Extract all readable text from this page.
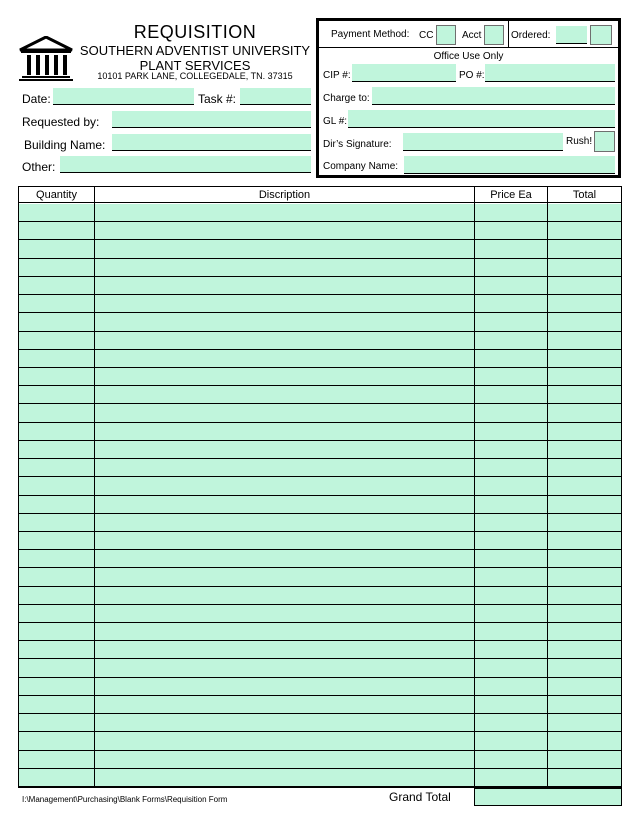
REQUISITION
SOUTHERN ADVENTIST UNIVERSITY
PLANT SERVICES
10101 PARK LANE, COLLEGEDALE, TN. 37315
Date:	Task #:
Requested by:
Building Name:
Other:
Payment Method: CC	Acct	Ordered:
Office Use Only
CIP #:	PO #:
Charge to:
GL #:
Dir’s Signature:	Rush!
Company Name:
Quantity	Discription	Price Ea	Total
I:\Management\Purchasing\Blank Forms\Requisition Form	Grand Total
